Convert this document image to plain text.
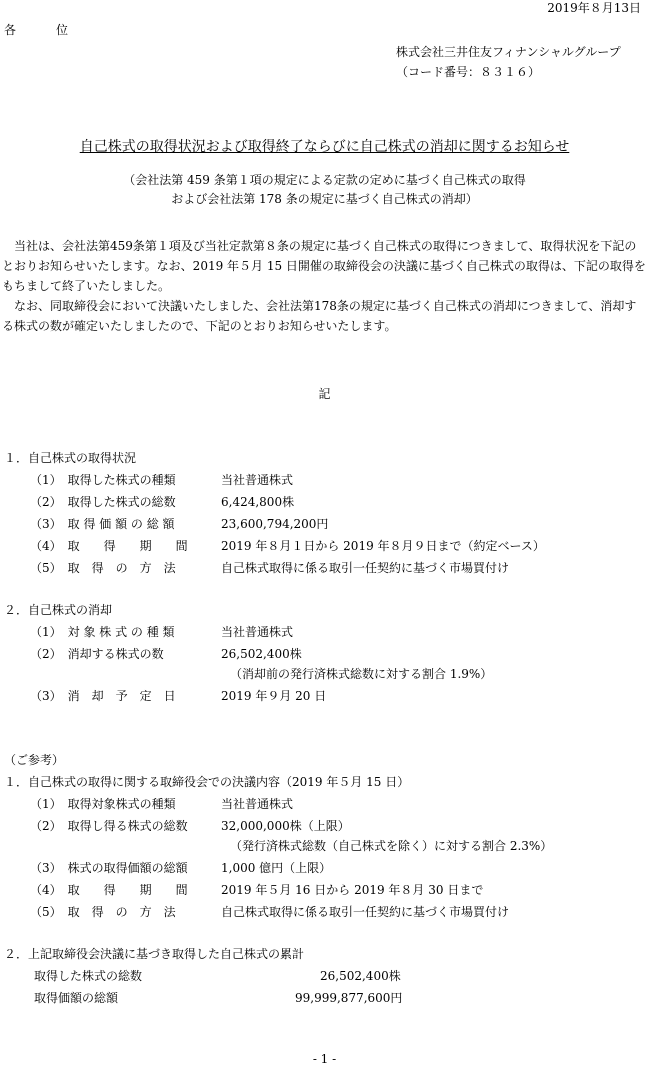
2019年８月13日
各　位
株式会社三井住友フィナンシャルグループ
（コード番号：８３１６）
自己株式の取得状況および取得終了ならびに自己株式の消却に関するお知らせ
（会社法第 459 条第１項の規定による定款の定めに基づく自己株式の取得
および会社法第 178 条の規定に基づく自己株式の消却）
当社は、会社法第459条第１項及び当社定款第８条の規定に基づく自己株式の取得につきまして、取得状況を下記のとおりお知らせいたします。なお、2019 年５月 15 日開催の取締役会の決議に基づく自己株式の取得は、下記の取得をもちまして終了いたしました。
なお、同取締役会において決議いたしました、会社法第178条の規定に基づく自己株式の消却につきまして、消却する株式の数が確定いたしましたので、下記のとおりお知らせいたします。
記
１．自己株式の取得状況
（1）　取得した株式の種類	当社普通株式
（2）　取得した株式の総数	6,424,800株
（3）　取 得 価 額 の 総 額	23,600,794,200円
（4）　取　　得　　期　　間	2019 年８月１日から 2019 年８月９日まで（約定ベース）
（5）　取　得　の　方　法	自己株式取得に係る取引一任契約に基づく市場買付け
２．自己株式の消却
（1）　対 象 株 式 の 種 類	当社普通株式
（2）　消却する株式の数	26,502,400株
（消却前の発行済株式総数に対する割合 1.9%）
（3）　消　却　予　定　日	2019 年９月 20 日
（ご参考）
１．自己株式の取得に関する取締役会での決議内容（2019 年５月 15 日）
（1）　取得対象株式の種類	当社普通株式
（2）　取得し得る株式の総数	32,000,000株（上限）
（発行済株式総数（自己株式を除く）に対する割合 2.3%）
（3）　株式の取得価額の総額	1,000 億円（上限）
（4）　取　　得　　期　　間	2019 年５月 16 日から 2019 年８月 30 日まで
（5）　取　得　の　方　法	自己株式取得に係る取引一任契約に基づく市場買付け
２．上記取締役会決議に基づき取得した自己株式の累計
取得した株式の総数	26,502,400株
取得価額の総額	99,999,877,600円
- 1 -
